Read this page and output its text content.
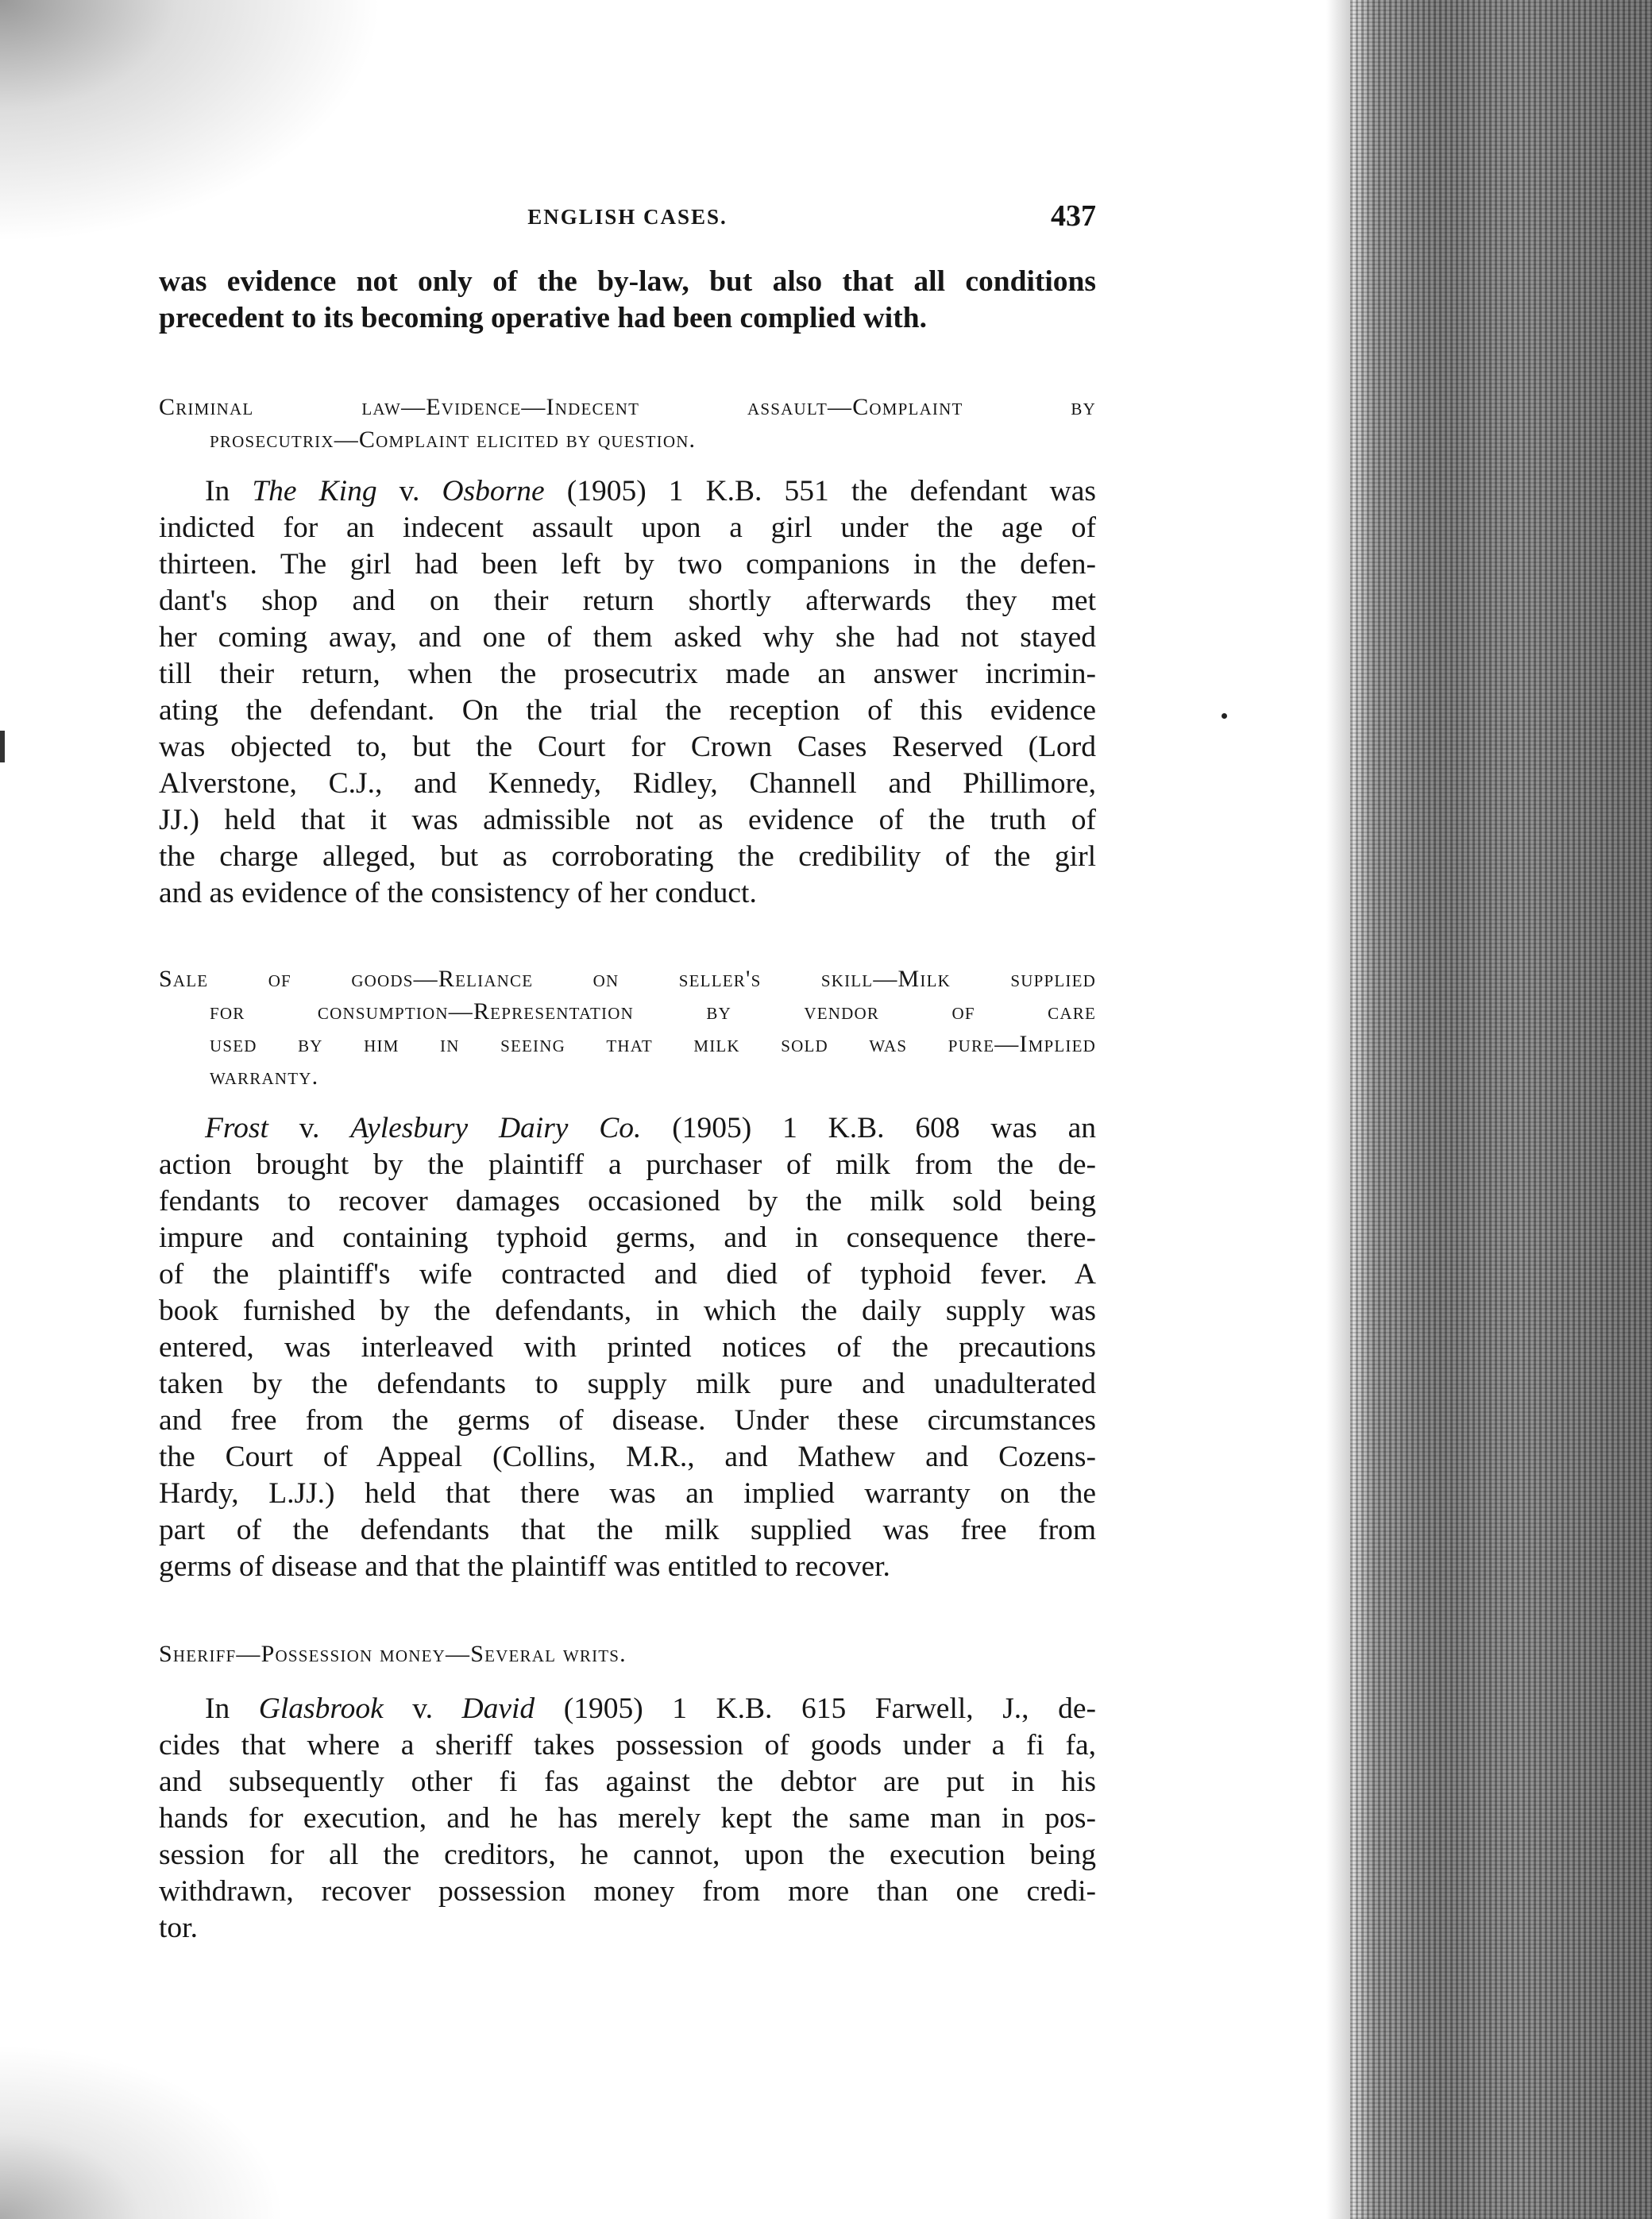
ENGLISH CASES.	437

was evidence not only of the by-law, but also that all conditions
precedent to its becoming operative had been complied with.

Criminal law—Evidence—Indecent assault—Complaint by
prosecutrix—Complaint elicited by question.

In The King v. Osborne (1905) 1 K.B. 551 the defendant was
indicted for an indecent assault upon a girl under the age of
thirteen. The girl had been left by two companions in the defen-
dant's shop and on their return shortly afterwards they met
her coming away, and one of them asked why she had not stayed
till their return, when the prosecutrix made an answer incrimin-
ating the defendant. On the trial the reception of this evidence
was objected to, but the Court for Crown Cases Reserved (Lord
Alverstone, C.J., and Kennedy, Ridley, Channell and Phillimore,
JJ.) held that it was admissible not as evidence of the truth of
the charge alleged, but as corroborating the credibility of the girl
and as evidence of the consistency of her conduct.

Sale of goods—Reliance on seller's skill—Milk supplied
for consumption—Representation by vendor of care
used by him in seeing that milk sold was pure—Implied
warranty.

Frost v. Aylesbury Dairy Co. (1905) 1 K.B. 608 was an
action brought by the plaintiff a purchaser of milk from the de-
fendants to recover damages occasioned by the milk sold being
impure and containing typhoid germs, and in consequence there-
of the plaintiff's wife contracted and died of typhoid fever. A
book furnished by the defendants, in which the daily supply was
entered, was interleaved with printed notices of the precautions
taken by the defendants to supply milk pure and unadulterated
and free from the germs of disease. Under these circumstances
the Court of Appeal (Collins, M.R., and Mathew and Cozens-
Hardy, L.JJ.) held that there was an implied warranty on the
part of the defendants that the milk supplied was free from
germs of disease and that the plaintiff was entitled to recover.

Sheriff—Possession money—Several writs.

In Glasbrook v. David (1905) 1 K.B. 615 Farwell, J., de-
cides that where a sheriff takes possession of goods under a fi fa,
and subsequently other fi fas against the debtor are put in his
hands for execution, and he has merely kept the same man in pos-
session for all the creditors, he cannot, upon the execution being
withdrawn, recover possession money from more than one credi-
tor.
